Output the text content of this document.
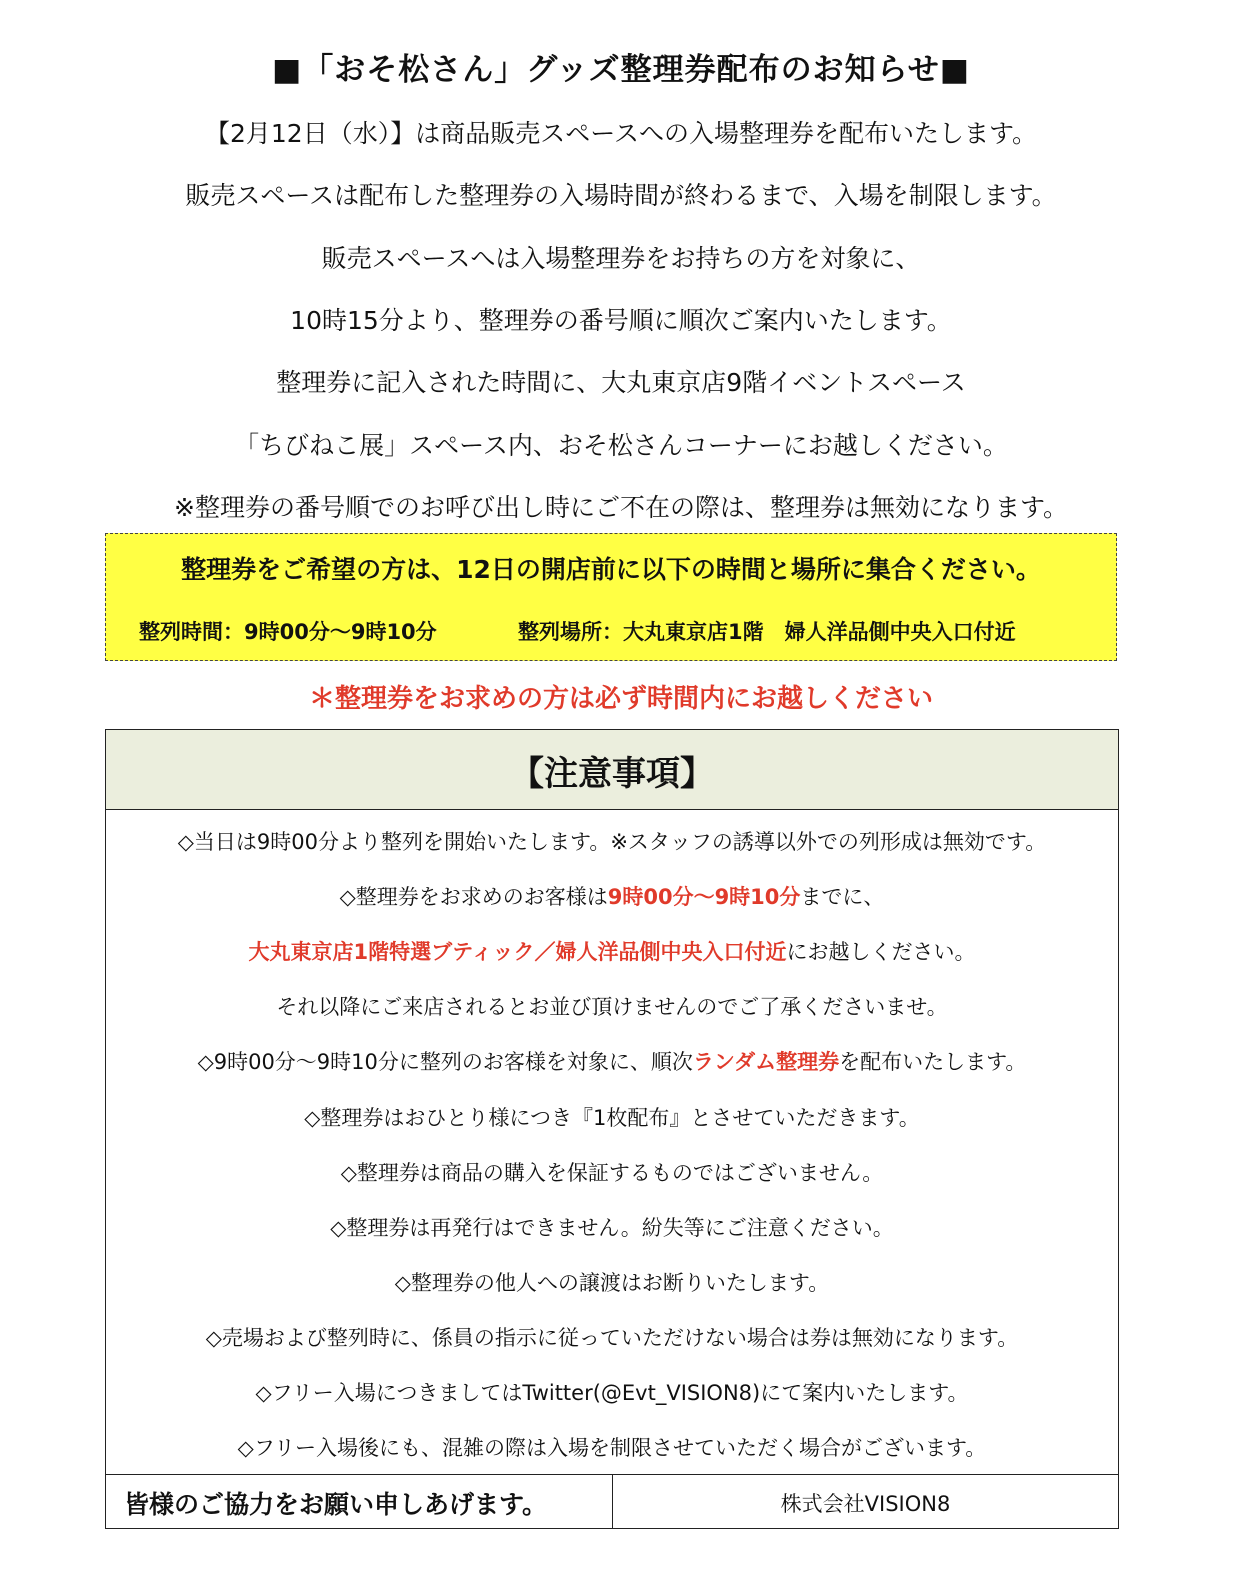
■「おそ松さん」グッズ整理券配布のお知らせ■
【2月12日（水）】は商品販売スペースへの入場整理券を配布いたします。
販売スペースは配布した整理券の入場時間が終わるまで、入場を制限します。
販売スペースへは入場整理券をお持ちの方を対象に、
10時15分より、整理券の番号順に順次ご案内いたします。
整理券に記入された時間に、大丸東京店9階イベントスペース
「ちびねこ展」スペース内、おそ松さんコーナーにお越しください。
※整理券の番号順でのお呼び出し時にご不在の際は、整理券は無効になります。
整理券をご希望の方は、12日の開店前に以下の時間と場所に集合ください。
整列時間：9時00分～9時10分	整列場所：大丸東京店1階　婦人洋品側中央入口付近
＊整理券をお求めの方は必ず時間内にお越しください
【注意事項】
◇当日は9時00分より整列を開始いたします。※スタッフの誘導以外での列形成は無効です。
◇整理券をお求めのお客様は9時00分～9時10分までに、
大丸東京店1階特選ブティック／婦人洋品側中央入口付近にお越しください。
それ以降にご来店されるとお並び頂けませんのでご了承くださいませ。
◇9時00分～9時10分に整列のお客様を対象に、順次ランダム整理券を配布いたします。
◇整理券はおひとり様につき『1枚配布』とさせていただきます。
◇整理券は商品の購入を保証するものではございません。
◇整理券は再発行はできません。紛失等にご注意ください。
◇整理券の他人への譲渡はお断りいたします。
◇売場および整列時に、係員の指示に従っていただけない場合は券は無効になります。
◇フリー入場につきましてはTwitter(@Evt_VISION8)にて案内いたします。
◇フリー入場後にも、混雑の際は入場を制限させていただく場合がございます。
皆様のご協力をお願い申しあげます。	株式会社VISION8
